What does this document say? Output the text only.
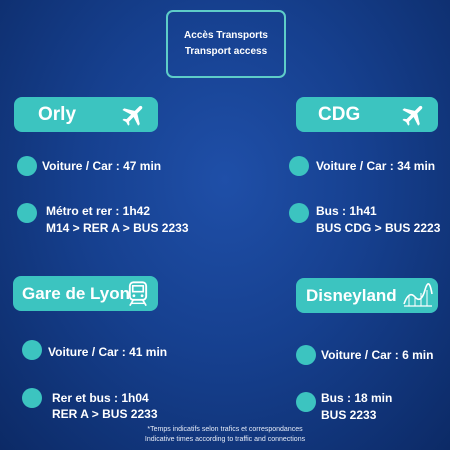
Accès Transports
Transport access
Orly
Voiture / Car : 47 min
Métro et rer : 1h42
M14 > RER A > BUS 2233
CDG
Voiture / Car : 34 min
Bus : 1h41
BUS CDG > BUS 2223
Gare de Lyon
Voiture / Car : 41 min
Rer et bus : 1h04
RER A > BUS 2233
Disneyland
Voiture / Car : 6 min
Bus : 18 min
BUS 2233
*Temps indicatifs selon trafics et correspondances
Indicative times according to traffic and connections
